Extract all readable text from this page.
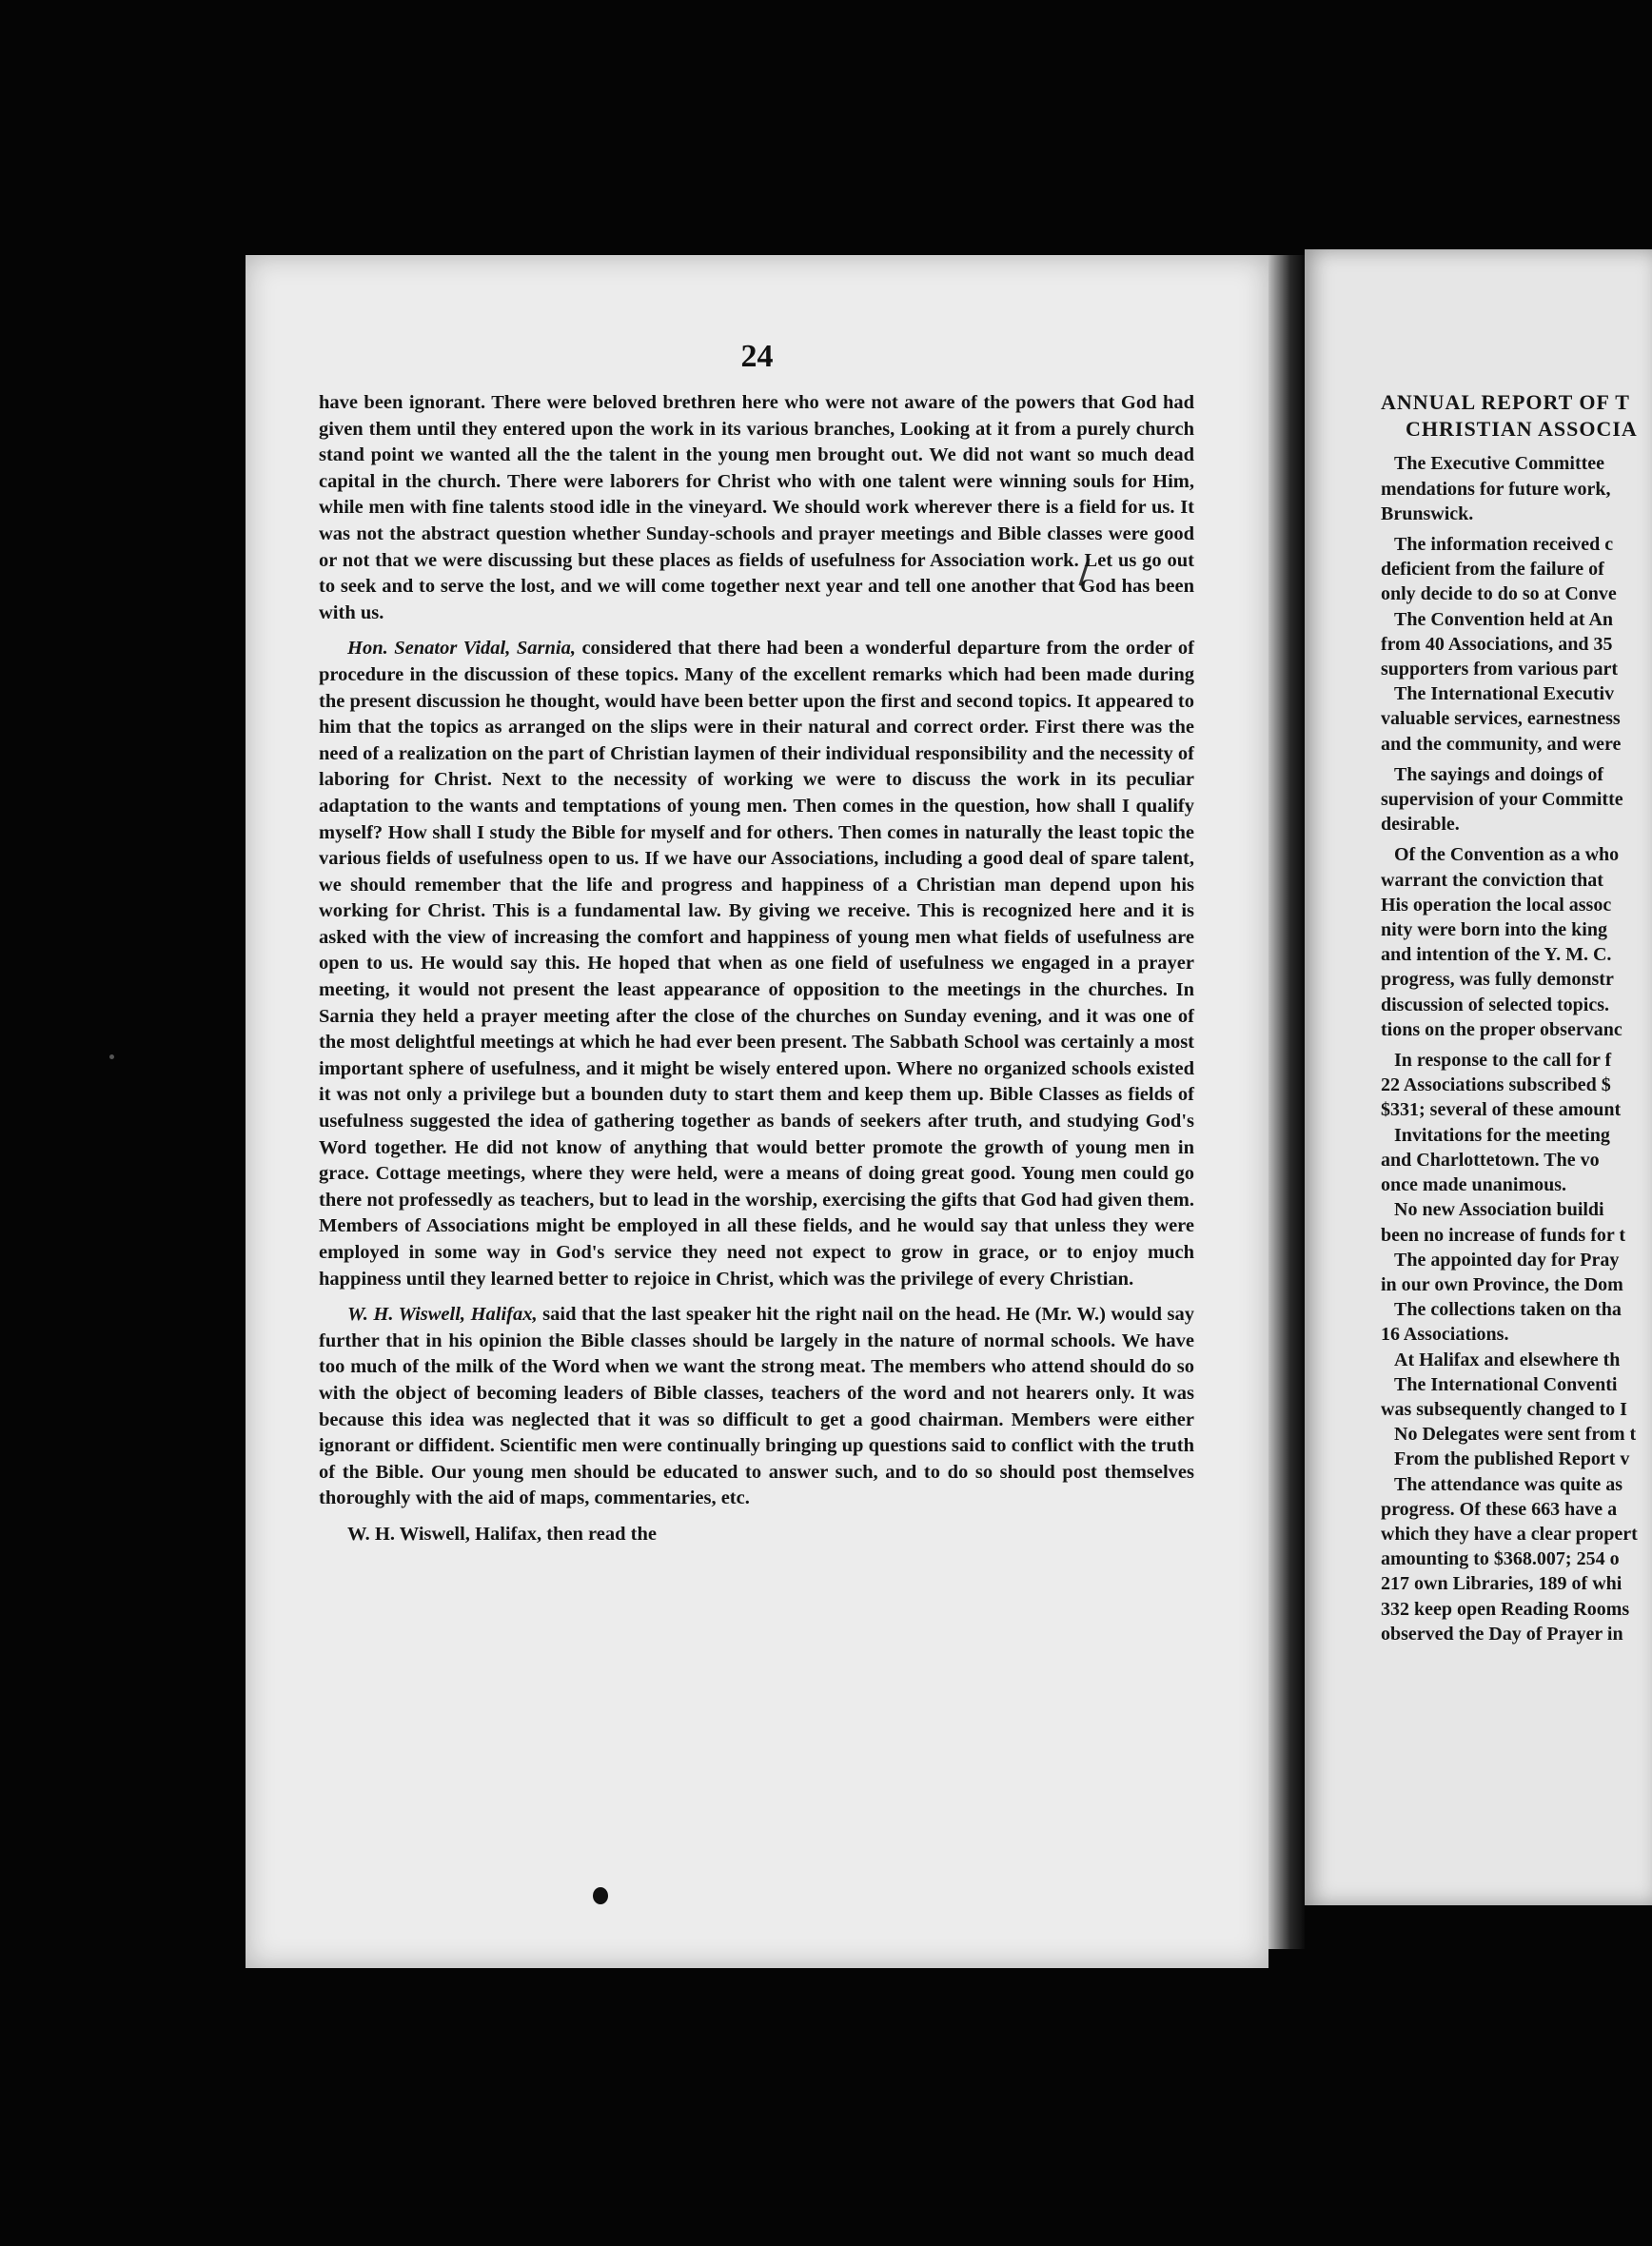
24

have been ignorant. There were beloved brethren here who were not aware of the powers that God had given them until they entered upon the work in its various branches, Looking at it from a purely church stand point we wanted all the the talent in the young men brought out. We did not want so much dead capital in the church. There were laborers for Christ who with one talent were winning souls for Him, while men with fine talents stood idle in the vineyard. We should work wherever there is a field for us. It was not the abstract question whether Sunday-schools and prayer meetings and Bible classes were good or not that we were discussing but these places as fields of usefulness for Association work. Let us go out to seek and to serve the lost, and we will come together next year and tell one another that God has been with us.

Hon. Senator Vidal, Sarnia, considered that there had been a wonderful departure from the order of procedure in the discussion of these topics. Many of the excellent remarks which had been made during the present discussion he thought, would have been better upon the first and second topics. It appeared to him that the topics as arranged on the slips were in their natural and correct order. First there was the need of a realization on the part of Christian laymen of their individual responsibility and the necessity of laboring for Christ. Next to the necessity of working we were to discuss the work in its peculiar adaptation to the wants and temptations of young men. Then comes in the question, how shall I qualify myself? How shall I study the Bible for myself and for others. Then comes in naturally the least topic the various fields of usefulness open to us. If we have our Associations, including a good deal of spare talent, we should remember that the life and progress and happiness of a Christian man depend upon his working for Christ. This is a fundamental law. By giving we receive. This is recognized here and it is asked with the view of increasing the comfort and happiness of young men what fields of usefulness are open to us. He would say this. He hoped that when as one field of usefulness we engaged in a prayer meeting, it would not present the least appearance of opposition to the meetings in the churches. In Sarnia they held a prayer meeting after the close of the churches on Sunday evening, and it was one of the most delightful meetings at which he had ever been present. The Sabbath School was certainly a most important sphere of usefulness, and it might be wisely entered upon. Where no organized schools existed it was not only a privilege but a bounden duty to start them and keep them up. Bible Classes as fields of usefulness suggested the idea of gathering together as bands of seekers after truth, and studying God's Word together. He did not know of anything that would better promote the growth of young men in grace. Cottage meetings, where they were held, were a means of doing great good. Young men could go there not professedly as teachers, but to lead in the worship, exercising the gifts that God had given them. Members of Associations might be employed in all these fields, and he would say that unless they were employed in some way in God's service they need not expect to grow in grace, or to enjoy much happiness until they learned better to rejoice in Christ, which was the privilege of every Christian.

W. H. Wiswell, Halifax, said that the last speaker hit the right nail on the head. He (Mr. W.) would say further that in his opinion the Bible classes should be largely in the nature of normal schools. We have too much of the milk of the Word when we want the strong meat. The members who attend should do so with the object of becoming leaders of Bible classes, teachers of the word and not hearers only. It was because this idea was neglected that it was so difficult to get a good chairman. Members were either ignorant or diffident. Scientific men were continually bringing up questions said to conflict with the truth of the Bible. Our young men should be educated to answer such, and to do so should post themselves thoroughly with the aid of maps, commentaries, etc.

W. H. Wiswell, Halifax, then read the

ANNUAL REPORT OF T
CHRISTIAN ASSOCIA
The Executive Committee
mendations for future work,
Brunswick.
The information received c
deficient from the failure of
only decide to do so at Conve
The Convention held at An
from 40 Associations, and 35
supporters from various part
The International Executiv
valuable services, earnestness
and the community, and were
The sayings and doings of
supervision of your Committe
desirable.
Of the Convention as a who
warrant the conviction that
His operation the local assoc
nity were born into the king
and intention of the Y. M. C.
progress, was fully demonstr
discussion of selected topics.
tions on the proper observanc
In response to the call for f
22 Associations subscribed $
$331; several of these amount
Invitations for the meeting
and Charlottetown. The vo
once made unanimous.
No new Association buildi
been no increase of funds for t
The appointed day for Pray
in our own Province, the Dom
The collections taken on tha
16 Associations.
At Halifax and elsewhere th
The International Conventi
was subsequently changed to I
No Delegates were sent from t
From the published Report v
The attendance was quite as
progress. Of these 663 have a
which they have a clear propert
amounting to $368.007; 254 o
217 own Libraries, 189 of whi
332 keep open Reading Rooms
observed the Day of Prayer in
